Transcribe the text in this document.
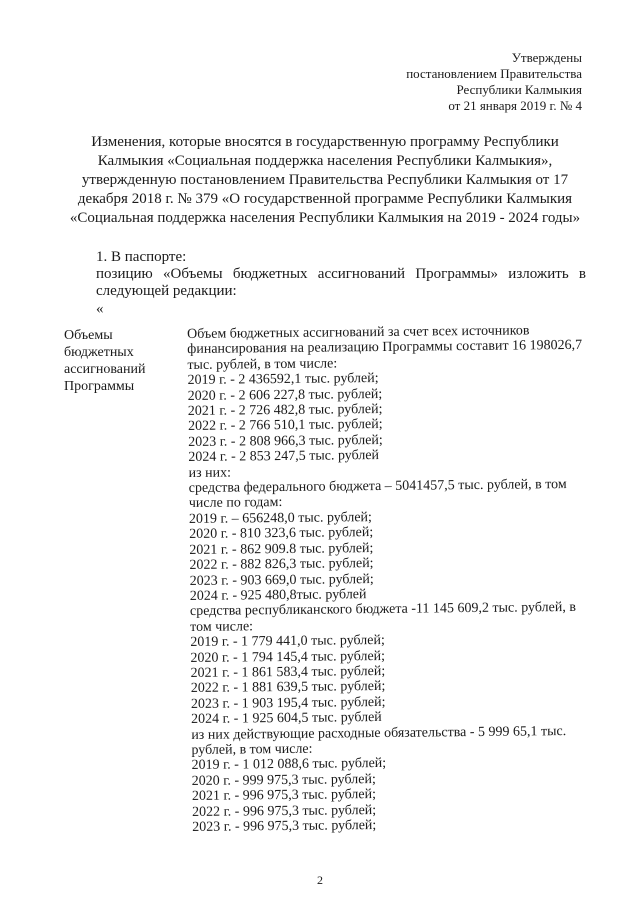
Утверждены
постановлением Правительства
Республики Калмыкия
от 21 января 2019 г. № 4
Изменения, которые вносятся в государственную программу Республики
Калмыкия «Социальная поддержка населения Республики Калмыкия»,
утвержденную постановлением Правительства Республики Калмыкия от 17
декабря 2018 г. № 379 «О государственной программе Республики Калмыкия
«Социальная поддержка населения Республики Калмыкия на 2019 - 2024 годы»
1. В паспорте:
позицию «Объемы бюджетных ассигнований Программы» изложить в
следующей редакции:
«
Объемы
бюджетных
ассигнований
Программы
Объем бюджетных ассигнований за счет всех источников
финансирования на реализацию Программы составит 16 198026,7
тыс. рублей, в том числе:
2019 г. - 2 436592,1 тыс. рублей;
2020 г. - 2 606 227,8 тыс. рублей;
2021 г. - 2 726 482,8 тыс. рублей;
2022 г. - 2 766 510,1 тыс. рублей;
2023 г. - 2 808 966,3 тыс. рублей;
2024 г. - 2 853 247,5 тыс. рублей
из них:
средства федерального бюджета – 5041457,5 тыс. рублей, в том
числе по годам:
2019 г. – 656248,0 тыс. рублей;
2020 г. - 810 323,6 тыс. рублей;
2021 г. - 862 909.8 тыс. рублей;
2022 г. - 882 826,3 тыс. рублей;
2023 г. - 903 669,0 тыс. рублей;
2024 г. - 925 480,8тыс. рублей
средства республиканского бюджета -11 145 609,2 тыс. рублей, в
том числе:
2019 г. - 1 779 441,0 тыс. рублей;
2020 г. - 1 794 145,4 тыс. рублей;
2021 г. - 1 861 583,4 тыс. рублей;
2022 г. - 1 881 639,5 тыс. рублей;
2023 г. - 1 903 195,4 тыс. рублей;
2024 г. - 1 925 604,5 тыс. рублей
из них действующие расходные обязательства - 5 999 65,1 тыс.
рублей, в том числе:
2019 г. - 1 012 088,6 тыс. рублей;
2020 г. - 999 975,3 тыс. рублей;
2021 г. - 996 975,3 тыс. рублей;
2022 г. - 996 975,3 тыс. рублей;
2023 г. - 996 975,3 тыс. рублей;
2
